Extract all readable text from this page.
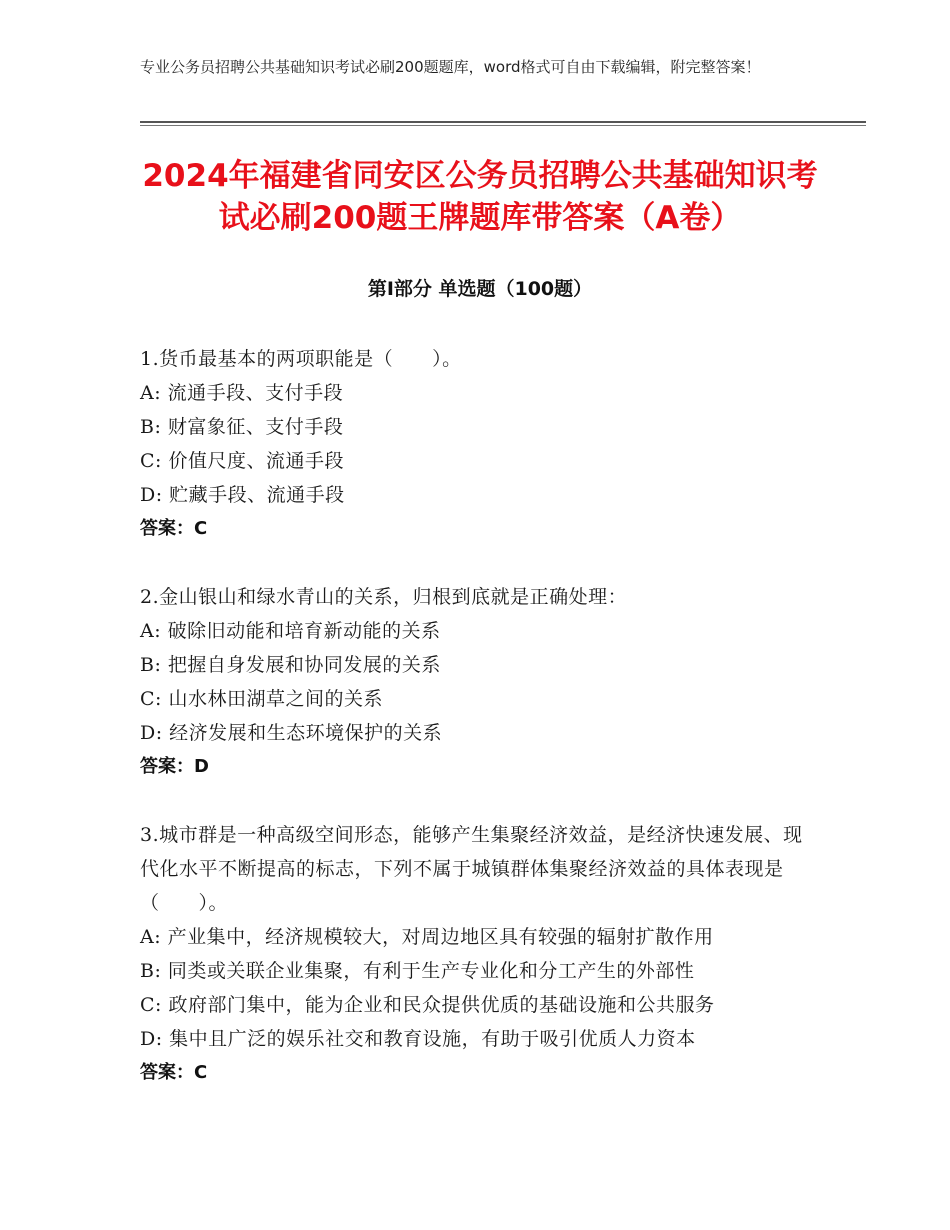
专业公务员招聘公共基础知识考试必刷200题题库，word格式可自由下载编辑，附完整答案！
2024年福建省同安区公务员招聘公共基础知识考试必刷200题王牌题库带答案（A卷）
第Ⅰ部分 单选题（100题）
1.货币最基本的两项职能是（　　）。
A: 流通手段、支付手段
B: 财富象征、支付手段
C: 价值尺度、流通手段
D: 贮藏手段、流通手段
答案：C
2.金山银山和绿水青山的关系，归根到底就是正确处理：
A: 破除旧动能和培育新动能的关系
B: 把握自身发展和协同发展的关系
C: 山水林田湖草之间的关系
D: 经济发展和生态环境保护的关系
答案：D
3.城市群是一种高级空间形态，能够产生集聚经济效益，是经济快速发展、现代化水平不断提高的标志，下列不属于城镇群体集聚经济效益的具体表现是（　　）。
A: 产业集中，经济规模较大，对周边地区具有较强的辐射扩散作用
B: 同类或关联企业集聚，有利于生产专业化和分工产生的外部性
C: 政府部门集中，能为企业和民众提供优质的基础设施和公共服务
D: 集中且广泛的娱乐社交和教育设施，有助于吸引优质人力资本
答案：C
